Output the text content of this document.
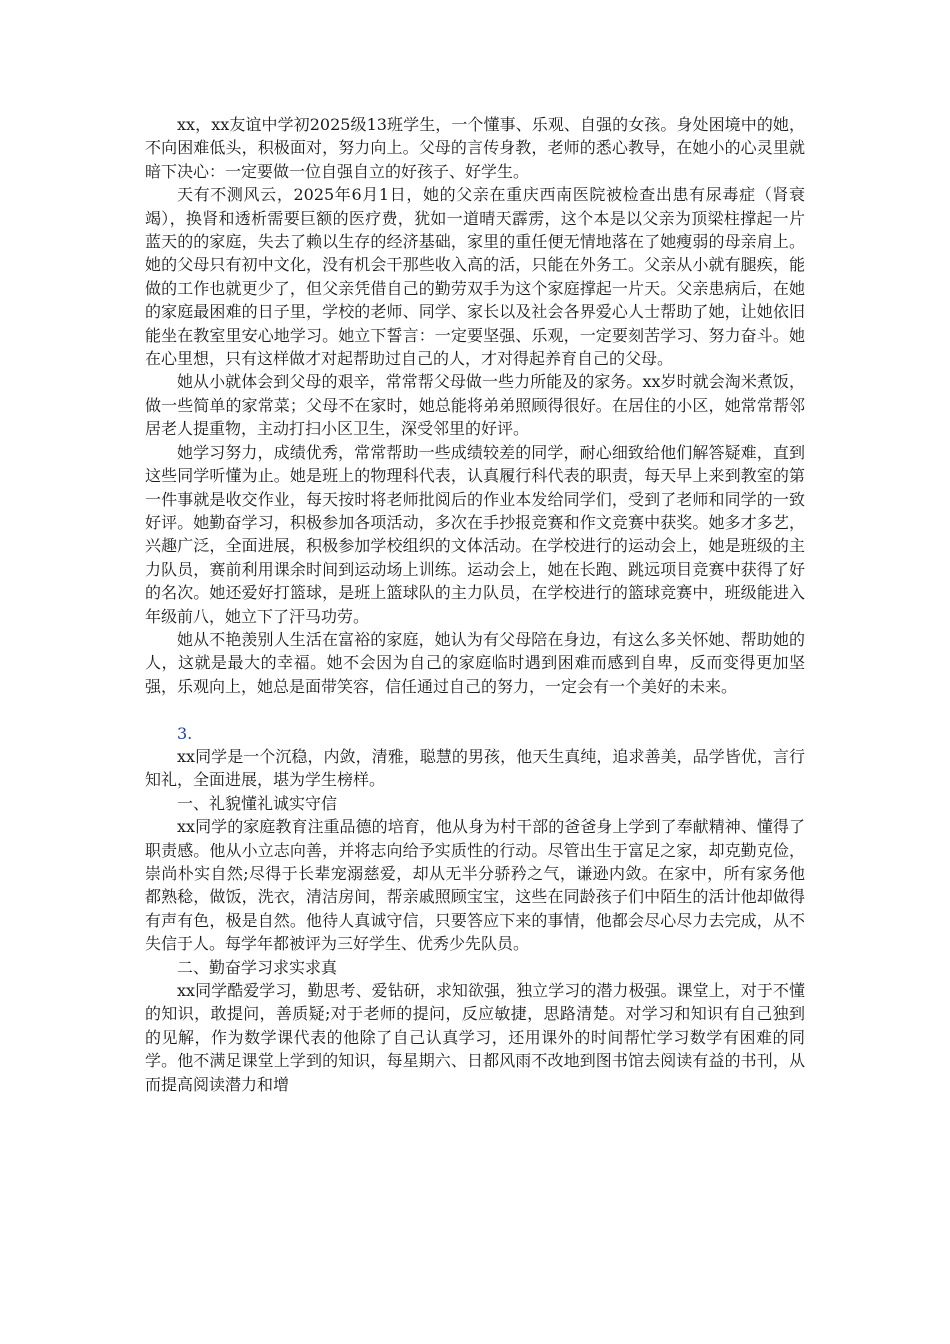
xx，xx友谊中学初2025级13班学生，一个懂事、乐观、自强的女孩。身处困境中的她，不向困难低头，积极面对，努力向上。父母的言传身教，老师的悉心教导，在她小的心灵里就暗下决心：一定要做一位自强自立的好孩子、好学生。

天有不测风云，2025年6月1日，她的父亲在重庆西南医院被检查出患有尿毒症（肾衰竭），换肾和透析需要巨额的医疗费，犹如一道晴天霹雳，这个本是以父亲为顶梁柱撑起一片蓝天的的家庭，失去了赖以生存的经济基础，家里的重任便无情地落在了她瘦弱的母亲肩上。她的父母只有初中文化，没有机会干那些收入高的活，只能在外务工。父亲从小就有腿疾，能做的工作也就更少了，但父亲凭借自己的勤劳双手为这个家庭撑起一片天。父亲患病后，在她的家庭最困难的日子里，学校的老师、同学、家长以及社会各界爱心人士帮助了她，让她依旧能坐在教室里安心地学习。她立下誓言：一定要坚强、乐观，一定要刻苦学习、努力奋斗。她在心里想，只有这样做才对起帮助过自己的人，才对得起养育自己的父母。

她从小就体会到父母的艰辛，常常帮父母做一些力所能及的家务。xx岁时就会淘米煮饭，做一些简单的家常菜；父母不在家时，她总能将弟弟照顾得很好。在居住的小区，她常常帮邻居老人提重物，主动打扫小区卫生，深受邻里的好评。

她学习努力，成绩优秀，常常帮助一些成绩较差的同学，耐心细致给他们解答疑难，直到这些同学听懂为止。她是班上的物理科代表，认真履行科代表的职责，每天早上来到教室的第一件事就是收交作业，每天按时将老师批阅后的作业本发给同学们，受到了老师和同学的一致好评。她勤奋学习，积极参加各项活动，多次在手抄报竞赛和作文竞赛中获奖。她多才多艺，兴趣广泛，全面进展，积极参加学校组织的文体活动。在学校进行的运动会上，她是班级的主力队员，赛前利用课余时间到运动场上训练。运动会上，她在长跑、跳远项目竞赛中获得了好的名次。她还爱好打篮球，是班上篮球队的主力队员，在学校进行的篮球竞赛中，班级能进入年级前八，她立下了汗马功劳。

她从不艳羡别人生活在富裕的家庭，她认为有父母陪在身边，有这么多关怀她、帮助她的人，这就是最大的幸福。她不会因为自己的家庭临时遇到困难而感到自卑，反而变得更加坚强，乐观向上，她总是面带笑容，信任通过自己的努力，一定会有一个美好的未来。

3.

xx同学是一个沉稳，内敛，清雅，聪慧的男孩，他天生真纯，追求善美，品学皆优，言行知礼，全面进展，堪为学生榜样。

一、礼貌懂礼诚实守信

xx同学的家庭教育注重品德的培育，他从身为村干部的爸爸身上学到了奉献精神、懂得了职责感。他从小立志向善，并将志向给予实质性的行动。尽管出生于富足之家，却克勤克俭，崇尚朴实自然;尽得于长辈宠溺慈爱，却从无半分骄矜之气，谦逊内敛。在家中，所有家务他都熟稔，做饭，洗衣，清洁房间，帮亲戚照顾宝宝，这些在同龄孩子们中陌生的活计他却做得有声有色，极是自然。他待人真诚守信，只要答应下来的事情，他都会尽心尽力去完成，从不失信于人。每学年都被评为三好学生、优秀少先队员。

二、勤奋学习求实求真

xx同学酷爱学习，勤思考、爱钻研，求知欲强，独立学习的潜力极强。课堂上，对于不懂的知识，敢提问，善质疑;对于老师的提问，反应敏捷，思路清楚。对学习和知识有自己独到的见解，作为数学课代表的他除了自己认真学习，还用课外的时间帮忙学习数学有困难的同学。他不满足课堂上学到的知识，每星期六、日都风雨不改地到图书馆去阅读有益的书刊，从而提高阅读潜力和增
